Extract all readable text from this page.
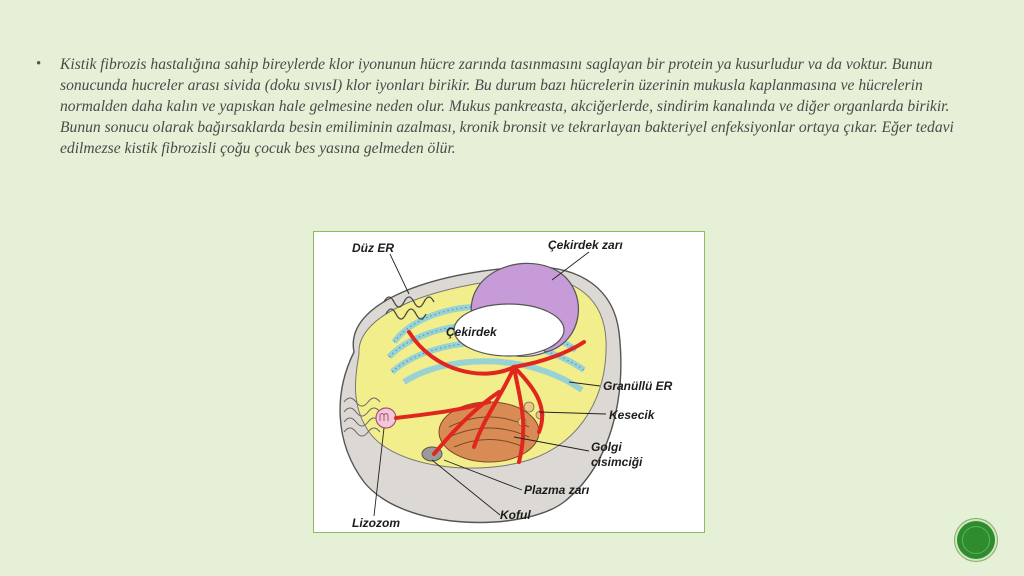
•	Kistik fibrozis hastalığına sahip bireylerde klor iyonunun hücre zarında tasınmasını saglayan bir protein ya kusurludur va da voktur. Bunun sonucunda hucreler arası sivida (doku sıvısI) klor iyonları birikir. Bu durum bazı hücrelerin üzerinin mukusla kaplanmasına ve hücrelerin normalden daha kalın ve yapıskan hale gelmesine neden olur. Mukus pankreasta, akciğerlerde, sindirim kanalında ve diğer organlarda birikir. Bunun sonucu olarak bağırsaklarda besin emiliminin azalması, kronik bronsit ve tekrarlayan bakteriyel enfeksiyonlar ortaya çıkar. Eğer tedavi edilmezse kistik fibrozisli çoğu çocuk bes yasına gelmeden ölür.

Düz ER	Çekirdek zarı
Çekirdek
Granüllü ER
Kesecik
Golgi
cisimciği
Plazma zarı
Koful
Lizozom
